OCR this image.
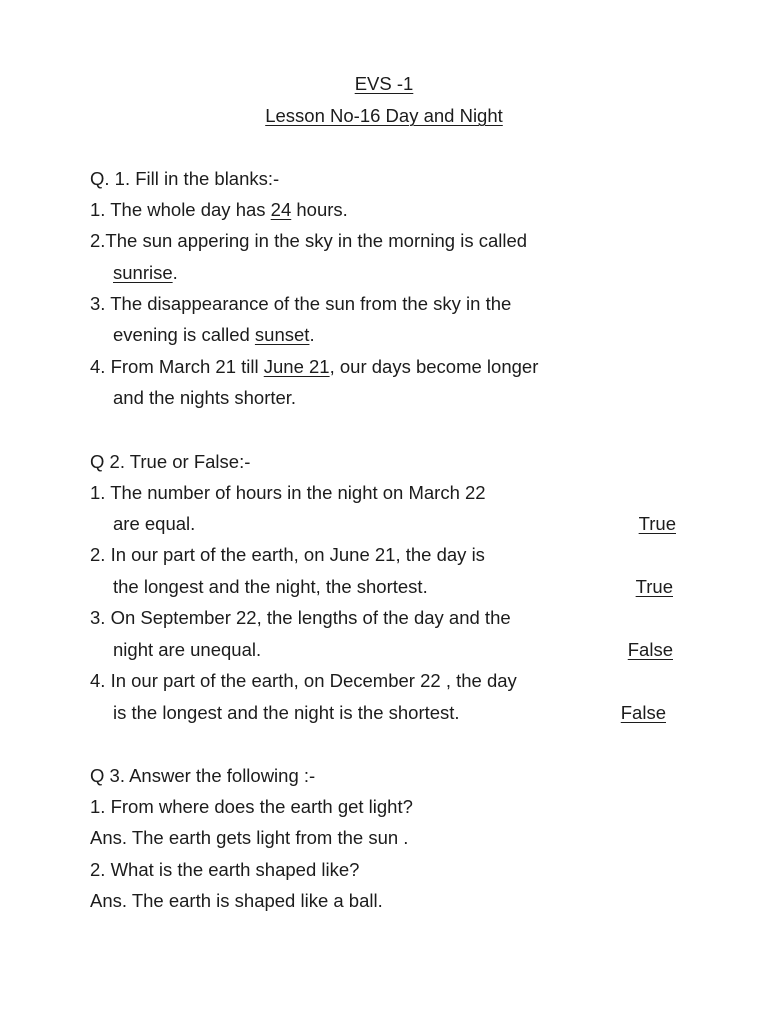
EVS -1
Lesson No-16 Day and Night
Q. 1. Fill in the blanks:-
1. The whole day has 24 hours.
2.The sun appering in the sky in the morning is called
sunrise.
3. The disappearance of the sun from the sky in the
evening is called sunset.
4. From March 21 till June 21, our days become longer
and the nights shorter.
Q 2. True or False:-
1. The number of hours in the night on March 22
are equal.	True
2. In our part of the earth, on June 21, the day is
the longest and the night, the shortest.	True
3. On September 22, the lengths of the day and the
night are unequal.	False
4. In our part of the earth, on December 22 , the day
is the longest and the night is the shortest.	False
Q 3. Answer the following :-
1. From where does the earth get light?
Ans. The earth gets light from the sun .
2. What is the earth shaped like?
Ans. The earth is shaped like a ball.
